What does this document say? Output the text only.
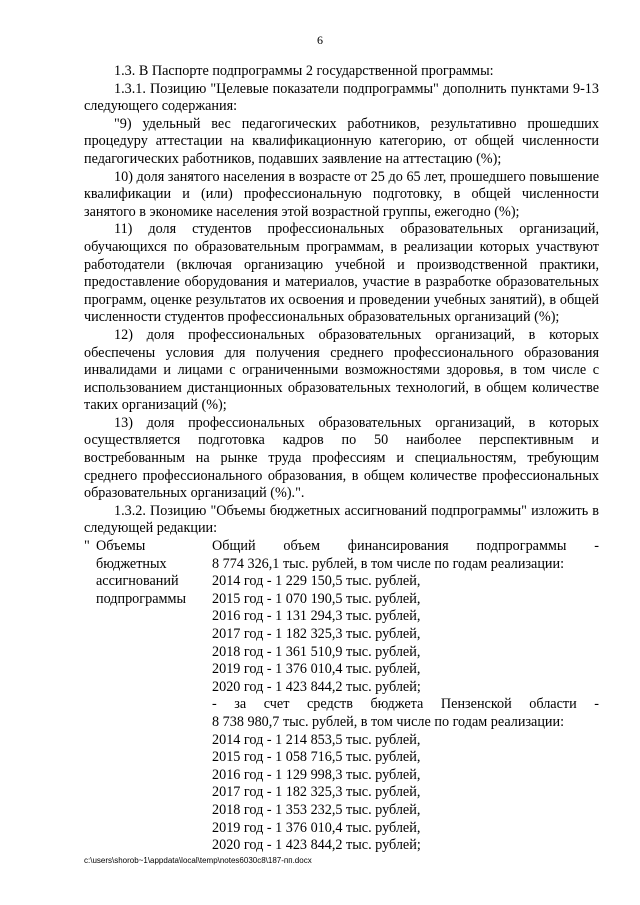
6

1.3. В Паспорте подпрограммы 2 государственной программы:

1.3.1. Позицию "Целевые показатели подпрограммы" дополнить пунктами 9-13 следующего содержания:

"9) удельный вес педагогических работников, результативно прошедших процедуру аттестации на квалификационную категорию, от общей численности педагогических работников, подавших заявление на аттестацию (%);

10) доля занятого населения в возрасте от 25 до 65 лет, прошедшего повышение квалификации и (или) профессиональную подготовку, в общей численности занятого в экономике населения этой возрастной группы, ежегодно (%);

11) доля студентов профессиональных образовательных организаций, обучающихся по образовательным программам, в реализации которых участвуют работодатели (включая организацию учебной и производственной практики, предоставление оборудования и материалов, участие в разработке образовательных программ, оценке результатов их освоения и проведении учебных занятий), в общей численности студентов профессиональных образовательных организаций (%);

12) доля профессиональных образовательных организаций, в которых обеспечены условия для получения среднего профессионального образования инвалидами и лицами с ограниченными возможностями здоровья, в том числе с использованием дистанционных образовательных технологий, в общем количестве таких организаций (%);

13) доля профессиональных образовательных организаций, в которых осуществляется подготовка кадров по 50 наиболее перспективным и востребованным на рынке труда профессиям и специальностям, требующим среднего профессионального образования, в общем количестве профессиональных образовательных организаций (%).".

1.3.2. Позицию "Объемы бюджетных ассигнований подпрограммы" изложить в следующей редакции:

" Объемы
бюджетных
ассигнований
подпрограммы
Общий объем финансирования подпрограммы -
8 774 326,1 тыс. рублей, в том числе по годам реализации:
2014 год - 1 229 150,5 тыс. рублей,
2015 год - 1 070 190,5 тыс. рублей,
2016 год - 1 131 294,3 тыс. рублей,
2017 год - 1 182 325,3 тыс. рублей,
2018 год - 1 361 510,9 тыс. рублей,
2019 год - 1 376 010,4 тыс. рублей,
2020 год - 1 423 844,2 тыс. рублей;
- за счет средств бюджета Пензенской области -
8 738 980,7 тыс. рублей, в том числе по годам реализации:
2014 год - 1 214 853,5 тыс. рублей,
2015 год - 1 058 716,5 тыс. рублей,
2016 год - 1 129 998,3 тыс. рублей,
2017 год - 1 182 325,3 тыс. рублей,
2018 год - 1 353 232,5 тыс. рублей,
2019 год - 1 376 010,4 тыс. рублей,
2020 год - 1 423 844,2 тыс. рублей;
c:\users\shorob~1\appdata\local\temp\notes6030c8\187-пп.docx
